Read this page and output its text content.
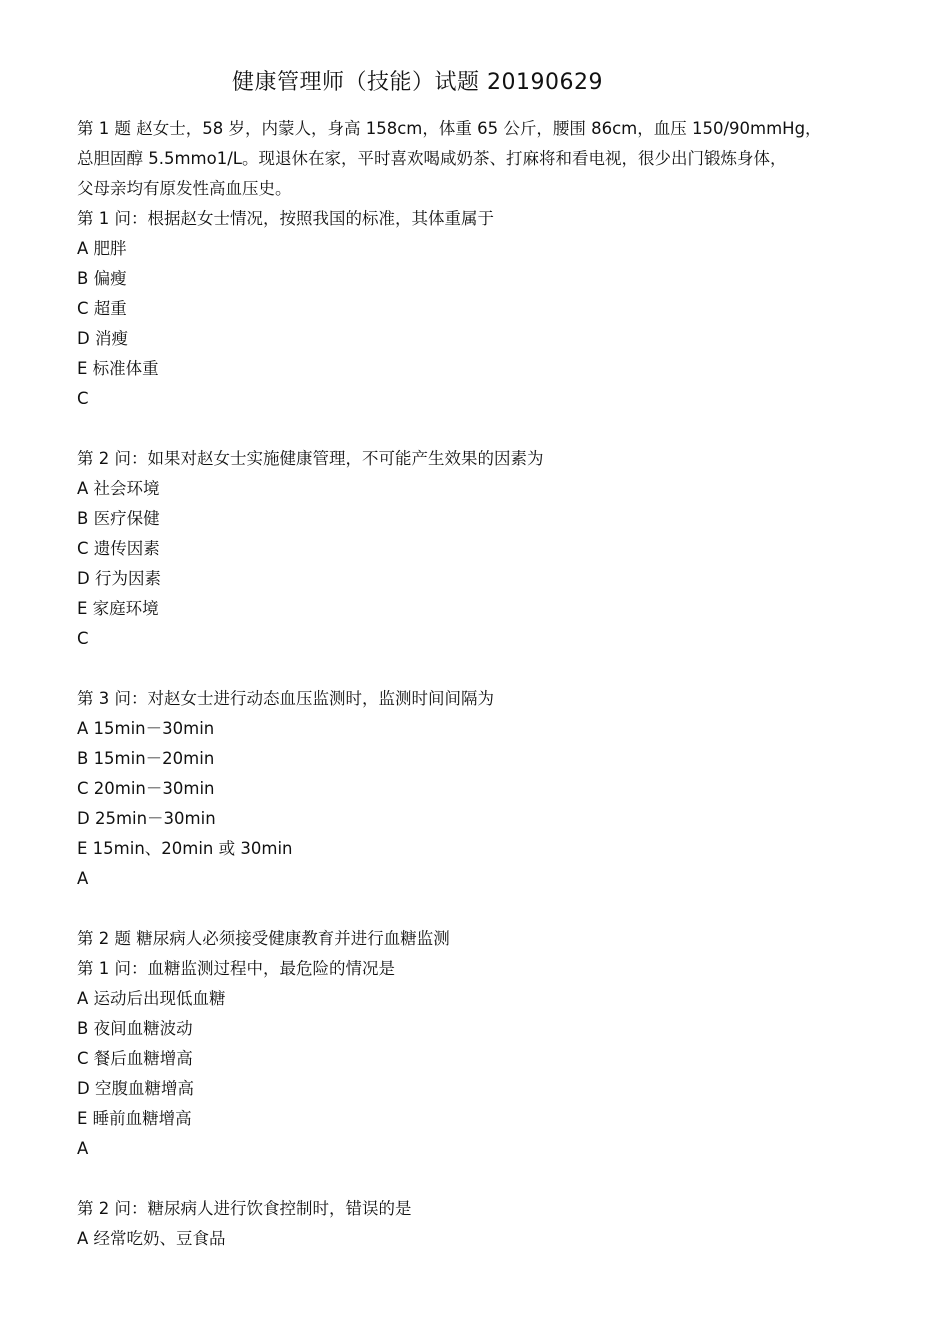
健康管理师（技能）试题 20190629
第 1 题 赵女士，58 岁，内蒙人，身高 158cm，体重 65 公斤，腰围 86cm，血压 150/90mmHg，
总胆固醇 5.5mmo1/L。现退休在家，平时喜欢喝咸奶茶、打麻将和看电视，很少出门锻炼身体，
父母亲均有原发性高血压史。
第 1 问：根据赵女士情况，按照我国的标准，其体重属于
A 肥胖
B 偏瘦
C 超重
D 消瘦
E 标准体重
C
第 2 问：如果对赵女士实施健康管理，不可能产生效果的因素为
A 社会环境
B 医疗保健
C 遗传因素
D 行为因素
E 家庭环境
C
第 3 问：对赵女士进行动态血压监测时，监测时间间隔为
A 15min－30min
B 15min－20min
C 20min－30min
D 25min－30min
E 15min、20min 或 30min
A
第 2 题 糖尿病人必须接受健康教育并进行血糖监测
第 1 问：血糖监测过程中，最危险的情况是
A 运动后出现低血糖
B 夜间血糖波动
C 餐后血糖增高
D 空腹血糖增高
E 睡前血糖增高
A
第 2 问：糖尿病人进行饮食控制时，错误的是
A 经常吃奶、豆食品
